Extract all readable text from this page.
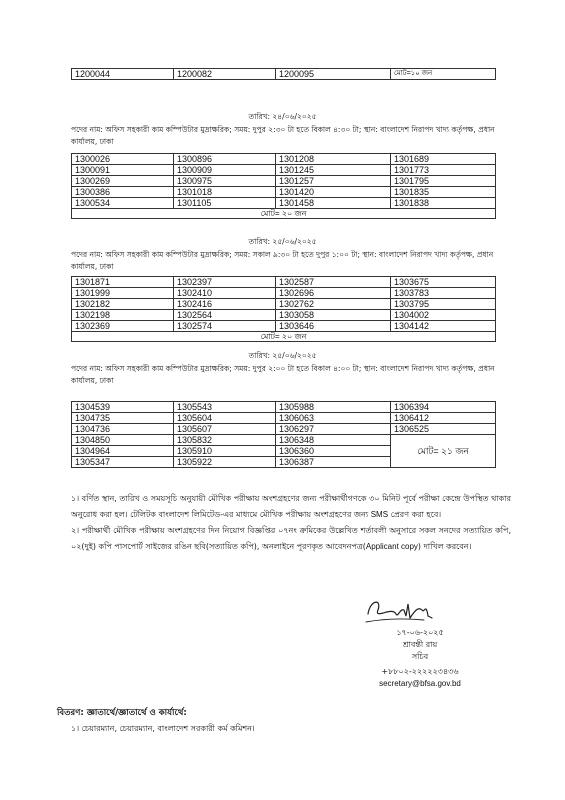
1200044	1200082	1200095	মোট=১০ জন
তারিখ: ২৪/০৬/২০২৫
পদের নাম: অফিস সহকারী কাম কম্পিউটার মুদ্রাক্ষরিক; সময়: দুপুর ২:৩০ টা হতে বিকাল ৪:৩০ টা; স্থান: বাংলাদেশ নিরাপদ খাদ্য কর্তৃপক্ষ, প্রধান কার্যালয়, ঢাকা
1300026	1300896	1301208	1301689
1300091	1300909	1301245	1301773
1300269	1300975	1301257	1301795
1300386	1301018	1301420	1301835
1300534	1301105	1301458	1301838
মোট= ২০ জন			
তারিখ: ২৫/০৬/২০২৫
পদের নাম: অফিস সহকারী কাম কম্পিউটার মুদ্রাক্ষরিক; সময়: সকাল ৯:৩০ টা হতে দুপুর ১:০০ টা; স্থান: বাংলাদেশ নিরাপদ খাদ্য কর্তৃপক্ষ, প্রধান কার্যালয়, ঢাকা
1301871	1302397	1302587	1303675
1301999	1302410	1302696	1303783
1302182	1302416	1302762	1303795
1302198	1302564	1303058	1304002
1302369	1302574	1303646	1304142
মোট= ২০ জন			
তারিখ: ২৫/০৬/২০২৫
পদের নাম: অফিস সহকারী কাম কম্পিউটার মুদ্রাক্ষরিক; সময়: দুপুর ২:০০ টা হতে বিকাল ৪:০০ টা; স্থান: বাংলাদেশ নিরাপদ খাদ্য কর্তৃপক্ষ, প্রধান কার্যালয়, ঢাকা
1304539	1305543	1305988	1306394
1304735	1305604	1306063	1306412
1304736	1305607	1306297	1306525
1304850	1305832	1306348	মোট= ২১ জন
1304964	1305910	1306360	
1305347	1305922	1306387	
১। বর্ণিত স্থান, তারিখ ও সময়সূচি অনুযায়ী মৌখিক পরীক্ষায় অংশগ্রহণের জন্য পরীক্ষার্থীগণকে ৩০ মিনিট পূর্বে পরীক্ষা কেন্দ্রে উপস্থিত থাকার অনুরোধ করা হল। টেলিটক বাংলাদেশ লিমিটেড-এর মাধ্যমে মৌখিক পরীক্ষায় অংশগ্রহণের জন্য SMS প্রেরণ করা হবে।
২। পরীক্ষার্থী মৌখিক পরীক্ষায় অংশগ্রহণের দিন নিয়োগ বিজ্ঞপ্তির ০৭নং ক্রমিকের উল্লেখিত শর্তাবলী অনুসারে সকল সনদের সত্যায়িত কপি, ০২(দুই) কপি পাসপোর্ট সাইজের রঙিন ছবি(সত্যায়িত কপি), অনলাইনে পূরণকৃত আবেদনপত্র(Applicant copy) দাখিল করবেন।
১৭-০৬-২০২৫
শ্রাবন্তী রায়
সচিব
+৮৮০২-২২২২২৩৪৩৬
secretary@bfsa.gov.bd
বিতরণ: জ্ঞাতার্থে/জ্ঞাতার্থে ও কার্যার্থে:
১। চেয়ারম্যান, চেয়ারম্যান, বাংলাদেশ সরকারী কর্ম কমিশন।
